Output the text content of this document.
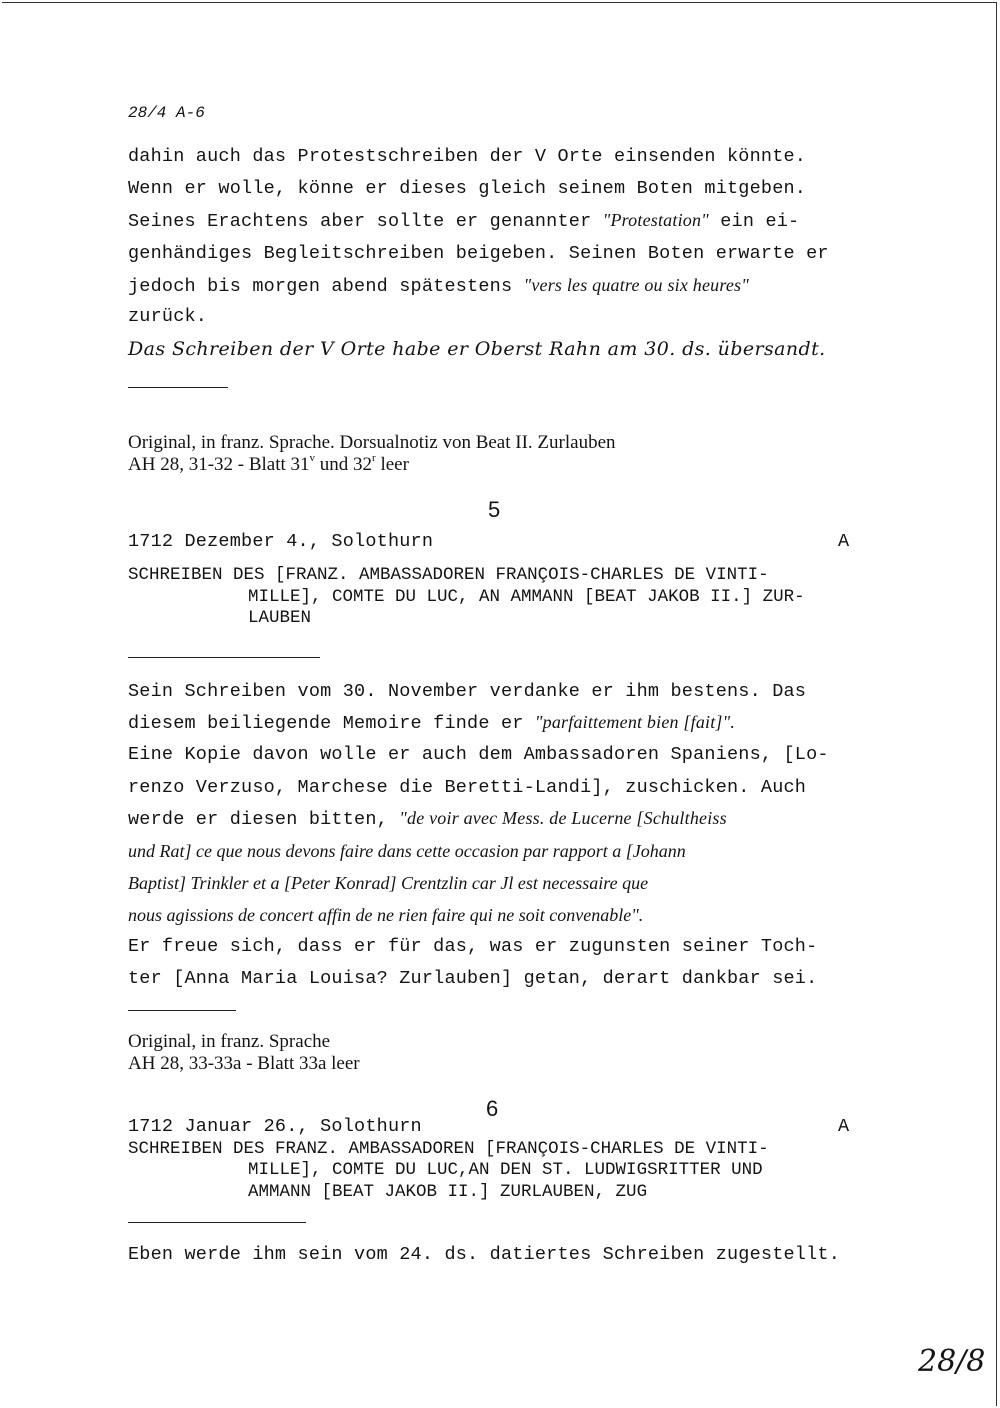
28/4 A-6
dahin auch das Protestschreiben der V Orte einsenden könnte.
Wenn er wolle, könne er dieses gleich seinem Boten mitgeben.
Seines Erachtens aber sollte er genannter "Protestation" ein ei-
genhändiges Begleitschreiben beigeben. Seinen Boten erwarte er
jedoch bis morgen abend spätestens "vers les quatre ou six heures"
zurück.
Das Schreiben der V Orte habe er Oberst Rahn am 30. ds. übersandt.
Original, in franz. Sprache. Dorsualnotiz von Beat II. Zurlauben
AH 28, 31-32 - Blatt 31$^v$ und 32$^r$ leer
5
1712 Dezember 4., Solothurn	A
SCHREIBEN DES [FRANZ. AMBASSADOREN FRANÇOIS-CHARLES DE VINTI-
MILLE], COMTE DU LUC, AN AMMANN [BEAT JAKOB II.] ZUR-
LAUBEN
Sein Schreiben vom 30. November verdanke er ihm bestens. Das
diesem beiliegende Memoire finde er "parfaittement bien [fait]".
Eine Kopie davon wolle er auch dem Ambassadoren Spaniens, [Lo-
renzo Verzuso, Marchese die Beretti-Landi], zuschicken. Auch
werde er diesen bitten, "de voir avec Mess. de Lucerne [Schultheiss
und Rat] ce que nous devons faire dans cette occasion par rapport a [Johann
Baptist] Trinkler et a [Peter Konrad] Crentzlin car Jl est necessaire que
nous agissions de concert affin de ne rien faire qui ne soit convenable".
Er freue sich, dass er für das, was er zugunsten seiner Toch-
ter [Anna Maria Louisa? Zurlauben] getan, derart dankbar sei.
Original, in franz. Sprache
AH 28, 33-33a - Blatt 33a leer
6
1712 Januar 26., Solothurn	A
SCHREIBEN DES FRANZ. AMBASSADOREN [FRANÇOIS-CHARLES DE VINTI-
MILLE], COMTE DU LUC,AN DEN ST. LUDWIGSRITTER UND
AMMANN [BEAT JAKOB II.] ZURLAUBEN, ZUG
Eben werde ihm sein vom 24. ds. datiertes Schreiben zugestellt.
28/8
